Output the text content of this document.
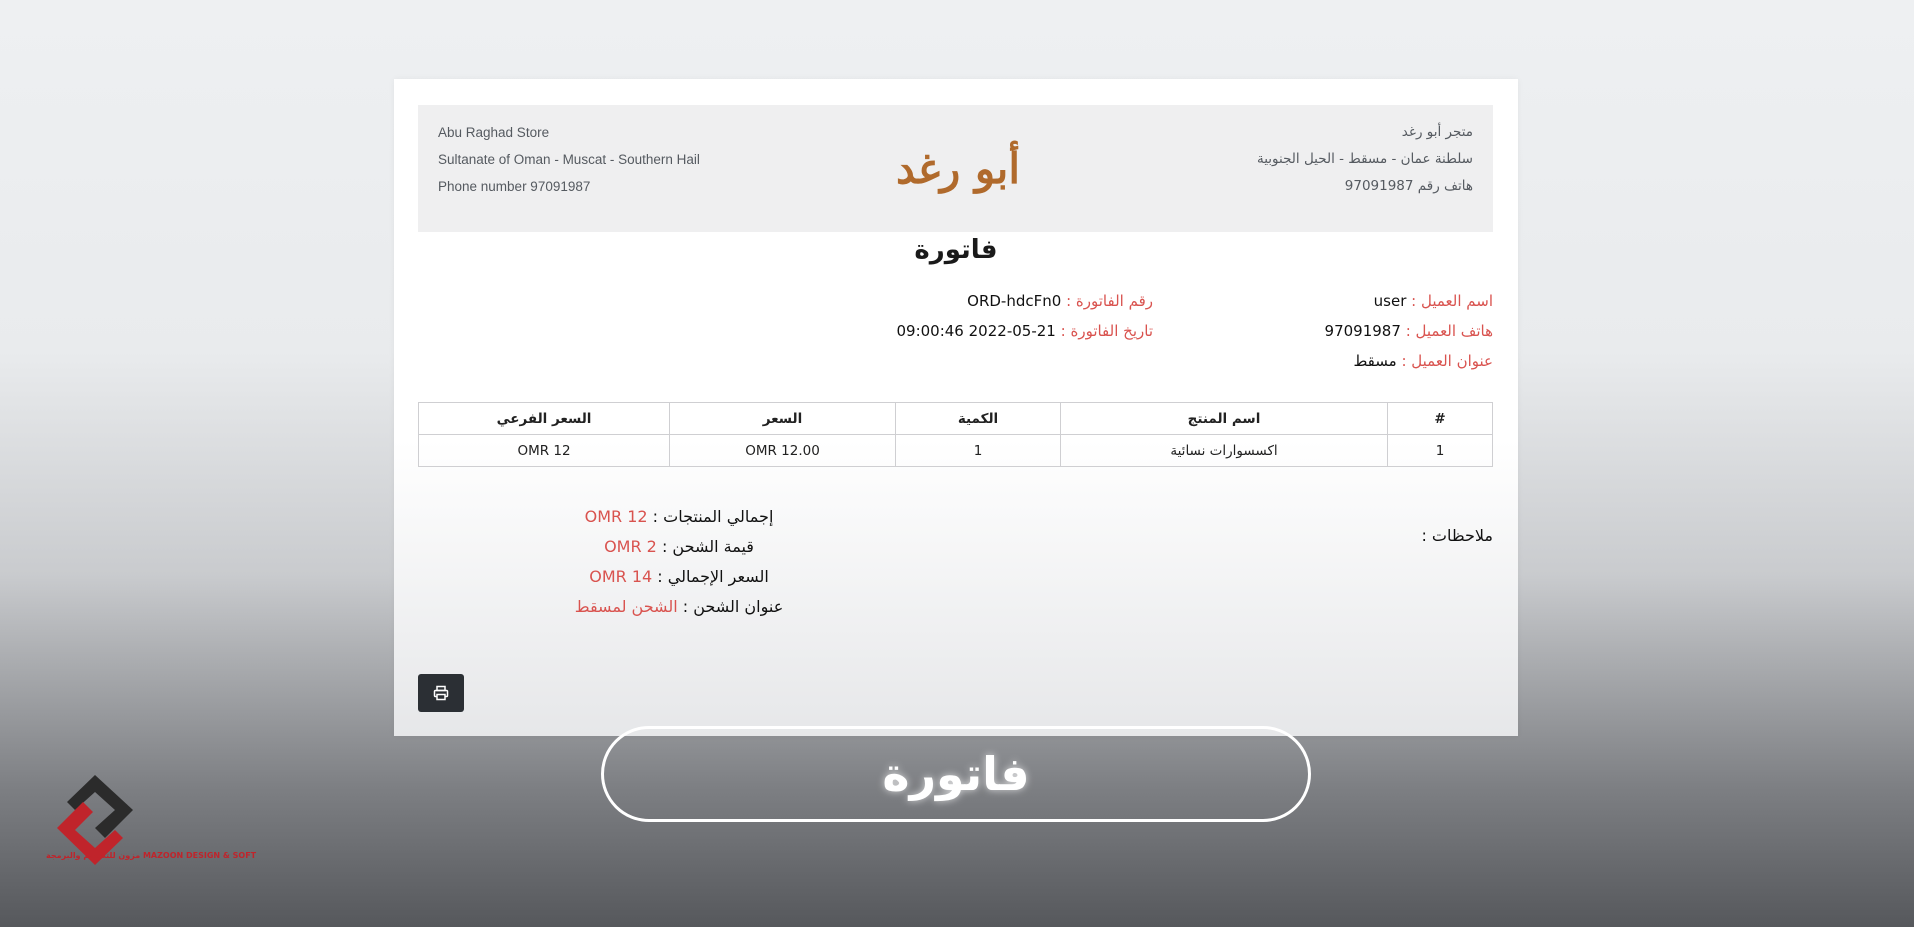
Abu Raghad Store
Sultanate of Oman - Muscat - Southern Hail
Phone number 97091987	أبو رغد
متجر أبو رغد
سلطنة عمان - مسقط - الحيل الجنوبية
هاتف رقم 97091987
فاتورة
اسم العميل : user
هاتف العميل : 97091987
عنوان العميل : مسقط
رقم الفاتورة : ORD-hdcFn0
تاريخ الفاتورة : 21-05-2022 09:00:46
#	اسم المنتج	الكمية	السعر	السعر الفرعي
1	اكسسوارات نسائية	1	OMR 12.00	OMR 12
ملاحظات :
إجمالي المنتجات : OMR 12
قيمة الشحن : OMR 2
السعر الإجمالي : OMR 14
عنوان الشحن : الشحن لمسقط
فاتورة
مزون للتصميم والبرمجة MAZOON DESIGN & SOFT
